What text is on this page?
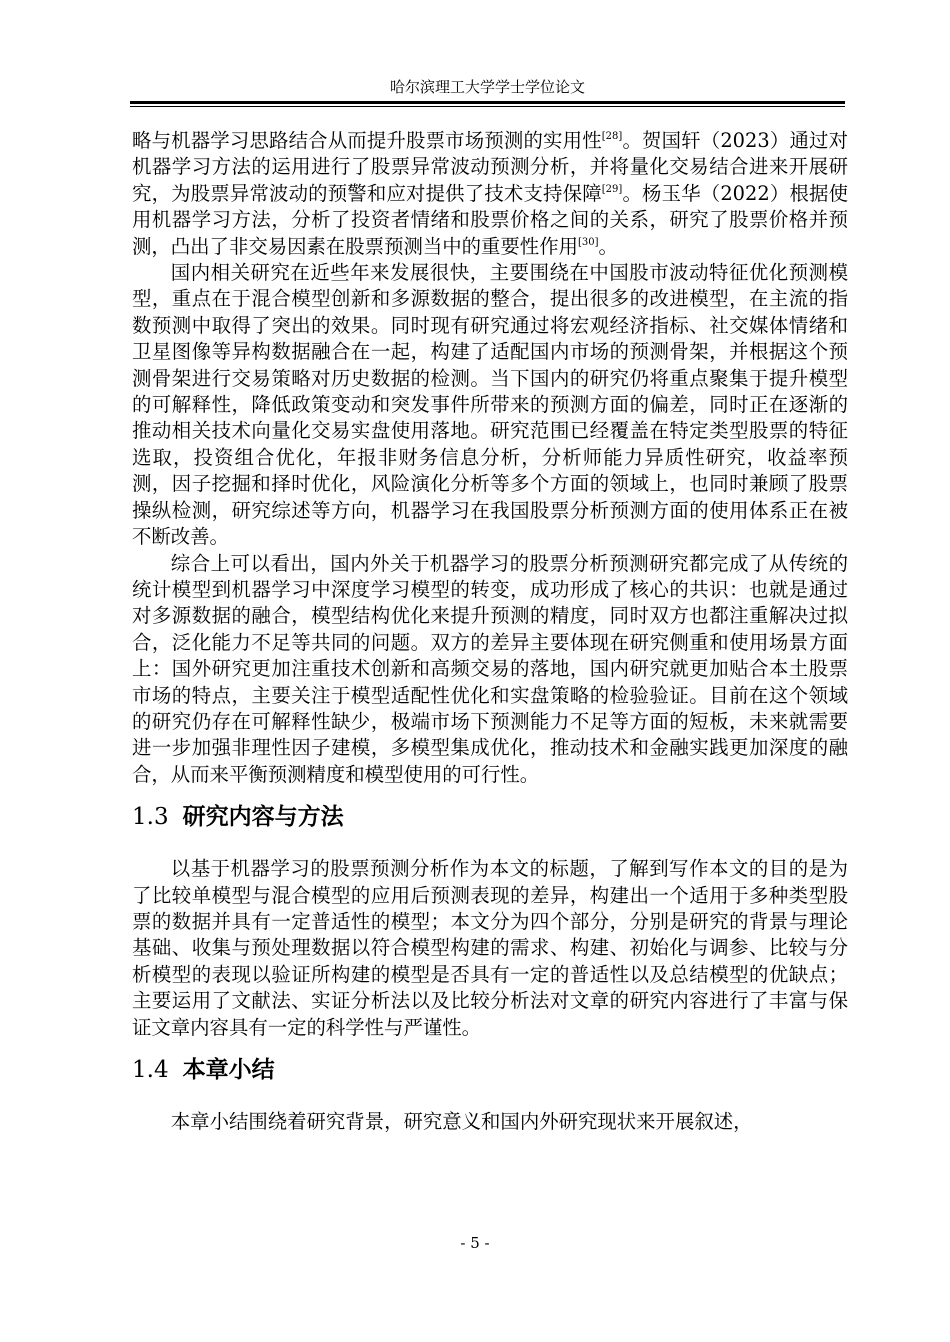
哈尔滨理工大学学士学位论文

略与机器学习思路结合从而提升股票市场预测的实用性[28]。贺国轩（2023）通过对机器学习方法的运用进行了股票异常波动预测分析，并将量化交易结合进来开展研究，为股票异常波动的预警和应对提供了技术支持保障[29]。杨玉华（2022）根据使用机器学习方法，分析了投资者情绪和股票价格之间的关系，研究了股票价格并预测，凸出了非交易因素在股票预测当中的重要性作用[30]。

国内相关研究在近些年来发展很快，主要围绕在中国股市波动特征优化预测模型，重点在于混合模型创新和多源数据的整合，提出很多的改进模型，在主流的指数预测中取得了突出的效果。同时现有研究通过将宏观经济指标、社交媒体情绪和卫星图像等异构数据融合在一起，构建了适配国内市场的预测骨架，并根据这个预测骨架进行交易策略对历史数据的检测。当下国内的研究仍将重点聚集于提升模型的可解释性，降低政策变动和突发事件所带来的预测方面的偏差，同时正在逐渐的推动相关技术向量化交易实盘使用落地。研究范围已经覆盖在特定类型股票的特征选取，投资组合优化，年报非财务信息分析，分析师能力异质性研究，收益率预测，因子挖掘和择时优化，风险演化分析等多个方面的领域上，也同时兼顾了股票操纵检测，研究综述等方向，机器学习在我国股票分析预测方面的使用体系正在被不断改善。

综合上可以看出，国内外关于机器学习的股票分析预测研究都完成了从传统的统计模型到机器学习中深度学习模型的转变，成功形成了核心的共识：也就是通过对多源数据的融合，模型结构优化来提升预测的精度，同时双方也都注重解决过拟合，泛化能力不足等共同的问题。双方的差异主要体现在研究侧重和使用场景方面上：国外研究更加注重技术创新和高频交易的落地，国内研究就更加贴合本土股票市场的特点，主要关注于模型适配性优化和实盘策略的检验验证。目前在这个领域的研究仍存在可解释性缺少，极端市场下预测能力不足等方面的短板，未来就需要进一步加强非理性因子建模，多模型集成优化，推动技术和金融实践更加深度的融合，从而来平衡预测精度和模型使用的可行性。

1.3 研究内容与方法

以基于机器学习的股票预测分析作为本文的标题，了解到写作本文的目的是为了比较单模型与混合模型的应用后预测表现的差异，构建出一个适用于多种类型股票的数据并具有一定普适性的模型；本文分为四个部分，分别是研究的背景与理论基础、收集与预处理数据以符合模型构建的需求、构建、初始化与调参、比较与分析模型的表现以验证所构建的模型是否具有一定的普适性以及总结模型的优缺点；主要运用了文献法、实证分析法以及比较分析法对文章的研究内容进行了丰富与保证文章内容具有一定的科学性与严谨性。

1.4 本章小结

本章小结围绕着研究背景，研究意义和国内外研究现状来开展叙述，

- 5 -
